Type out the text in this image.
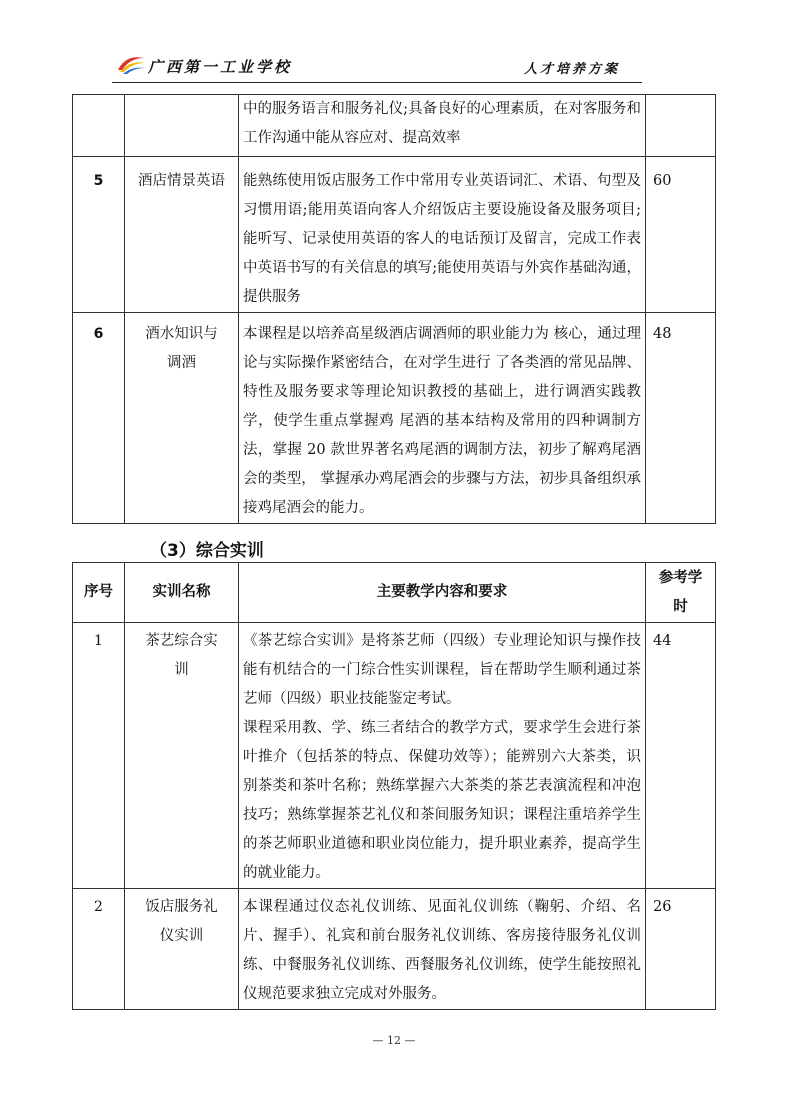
广西第一工业学校	人才培养方案
		中的服务语言和服务礼仪;具备良好的心理素质，在对客服务和工作沟通中能从容应对、提高效率	
5	酒店情景英语	能熟练使用饭店服务工作中常用专业英语词汇、术语、句型及习惯用语;能用英语向客人介绍饭店主要设施设备及服务项目;能听写、记录使用英语的客人的电话预订及留言，完成工作表中英语书写的有关信息的填写;能使用英语与外宾作基础沟通，提供服务	60
6	酒水知识与调酒	本课程是以培养高星级酒店调酒师的职业能力为 核心，通过理论与实际操作紧密结合，在对学生进行 了各类酒的常见品牌、特性及服务要求等理论知识教授的基础上，进行调酒实践教学，使学生重点掌握鸡 尾酒的基本结构及常用的四种调制方法，掌握 20 款世界著名鸡尾酒的调制方法，初步了解鸡尾酒会的类型， 掌握承办鸡尾酒会的步骤与方法，初步具备组织承接鸡尾酒会的能力。	48
（3）综合实训
序号	实训名称	主要教学内容和要求	参考学时
1	茶艺综合实训	《茶艺综合实训》是将茶艺师（四级）专业理论知识与操作技能有机结合的一门综合性实训课程，旨在帮助学生顺利通过茶艺师（四级）职业技能鉴定考试。
课程采用教、学、练三者结合的教学方式，要求学生会进行茶叶推介（包括茶的特点、保健功效等）；能辨别六大茶类，识别茶类和茶叶名称；熟练掌握六大茶类的茶艺表演流程和冲泡技巧；熟练掌握茶艺礼仪和茶间服务知识；课程注重培养学生的茶艺师职业道德和职业岗位能力，提升职业素养，提高学生的就业能力。	44
2	饭店服务礼仪实训	本课程通过仪态礼仪训练、见面礼仪训练（鞠躬、介绍、名片、握手）、礼宾和前台服务礼仪训练、客房接待服务礼仪训练、中餐服务礼仪训练、西餐服务礼仪训练，使学生能按照礼仪规范要求独立完成对外服务。	26
— 12 —
